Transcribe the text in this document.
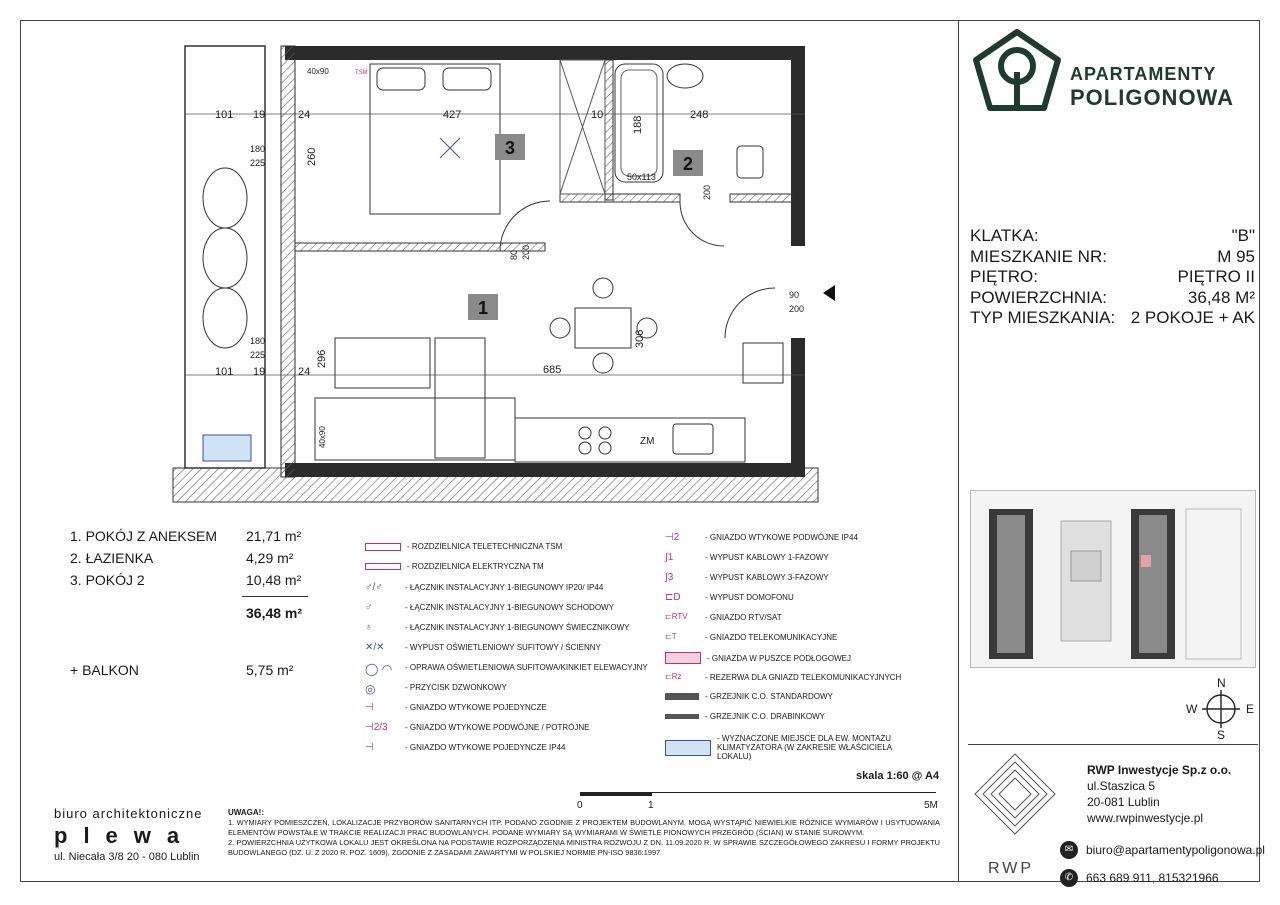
3
2
1
101 19	24	427	10	248
180
225	260
188
50x113
200
80 200
90
200
306
685
180
225	296
101 19	24
40x90
40x90	ZM
TSM	APARTAMENTY
POLIGONOWA
KLATKA:	"B"
MIESZKANIE NR:	M 95
PIĘTRO:	PIĘTRO II
POWIERZCHNIA:	36,48 M²
TYP MIESZKANIA: 2 POKOJE + AK
N
S
E
W
RWP
RWP Inwestycje Sp.z o.o.
ul.Staszica 5
20-081 Lublin
www.rwpinwestycje.pl
✉	biuro@apartamentypoligonowa.pl
✆	663 689 911, 815321966
1. POKÓJ Z ANEKSEM 21,71 m²
2. ŁAZIENKA	4,29 m²
3. POKÓJ 2	10,48 m²
36,48 m²
+ BALKON	5,75 m²
- ROZDZIELNICA TELETECHNICZNA TSM
- ROZDZIELNICA ELEKTRYCZNA TM
♂/♂	- ŁĄCZNIK INSTALACYJNY 1-BIEGUNOWY IP20/ IP44
♂	- ŁĄCZNIK INSTALACYJNY 1-BIEGUNOWY SCHODOWY
♁	- ŁĄCZNIK INSTALACYJNY 1-BIEGUNOWY ŚWIECZNIKOWY
✕/✕	- WYPUST OŚWIETLENIOWY SUFITOWY / ŚCIENNY
◯ ◠	- OPRAWA OŚWIETLENIOWA SUFITOWA/KINKIET ELEWACYJNY
◎	- PRZYCISK DZWONKOWY
⊣	- GNIAZDO WTYKOWE POJEDYNCZE
⊣2/3	- GNIAZDO WTYKOWE PODWÓJNE / POTRÓJNE
⊣	- GNIAZDO WTYKOWE POJEDYNCZE IP44
⊣2	- GNIAZDO WTYKOWE PODWÓJNE IP44
∫1	- WYPUST KABLOWY 1-FAZOWY
∫3	- WYPUST KABLOWY 3-FAZOWY
⊏D	- WYPUST DOMOFONU
⊏RTV	- GNIAZDO RTV/SAT
⊏T	- GNIAZDO TELEKOMUNIKACYJNE
- GNIAZDA W PUSZCE PODŁOGOWEJ
⊏Rz	- REZERWA DLA GNIAZD TELEKOMUNIKACYJNYCH
- GRZEJNIK C.O. STANDARDOWY
- GRZEJNIK C.O. DRABINKOWY
- WYZNACZONE MIEJSCE DLA EW. MONTAŻU KLIMATYZATORA (W ZAKRESIE WŁAŚCICIELA LOKALU)
skala 1:60 @ A4
0	1	5M
biuro architektoniczne
plewa
ul. Niecała 3/8 20 - 080 Lublin
UWAGA!:
1. WYMIARY POMIESZCZEŃ, LOKALIZACJE PRZYBORÓW SANITARNYCH ITP. PODANO ZGODNIE Z PROJEKTEM BUDOWLANYM. MOGĄ WYSTĄPIĆ NIEWIELKIE RÓŻNICE WYMIARÓW I USYTUOWANIA ELEMENTÓW POWSTAŁE W TRAKCIE REALIZACJI PRAC BUDOWLANYCH. PODANE WYMIARY SĄ WYMIARAMI W ŚWIETLE PIONOWYCH PRZEGRÓD (ŚCIAN) W STANIE SUROWYM.
2. POWIERZCHNIA UŻYTKOWA LOKALU JEST OKREŚLONA NA PODSTAWIE ROZPORZĄDZENIA MINISTRA ROZWOJU Z DN. 11.09.2020 R. W SPRAWIE SZCZEGÓŁOWEGO ZAKRESU I FORMY PROJEKTU BUDOWLANEGO (DZ. U. Z 2020 R. POZ. 1609), ZGODNIE Z ZASADAMI ZAWARTYMI W POLSKIEJ NORMIE PN-ISO 9836:1997
